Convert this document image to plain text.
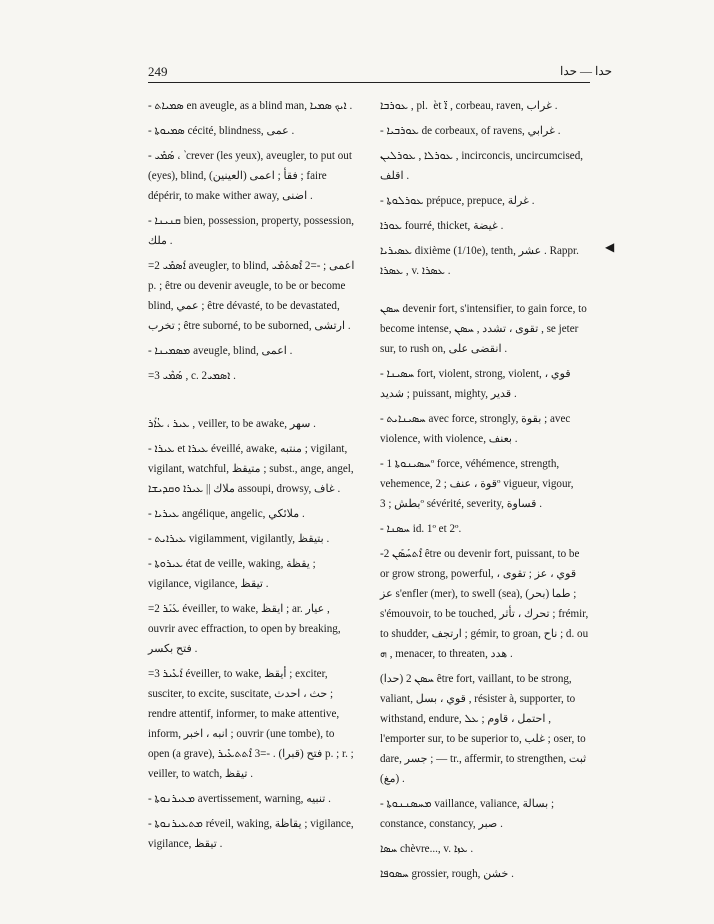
249	حدا — حدا

- ܣܡܝܐܬ en aveugle, as a blind man, ܐܝܟ ܣܡܝܐ .

- ܣܡܝܘܬܐ cécité, blindness, عمى .

- ܣܰܡܺܝ ، ܵ crever (les yeux), aveugler, to put out (eyes), blind, (العينين) فقأ ; اعمى ; faire dépérir, to make wither away, اضنى .

- ܩܢܝܢܐ bien, possession, property, possession, ملك .

=2 ܐܰܣܡܺܝ aveugler, to blind, اعمى ; -=2 ܐܶܣܬܰܡܺܝ p. ; être ou devenir aveugle, to be or become blind, عمي ; être dévasté, to be devastated, تخرب ; être suborné, to be suborned, ارتشى .

- ܡܣܡܝܢܐ aveugle, blind, اعمى .

=3 ܣܰܡܶܝ , c. 2ܐܣܡܝ .

ܥܝܪ ، ܥܳܐܰܪ , veiller, to be awake, سهر .

- ܥܝܪܐ et ܥܝܪܐ éveillé, awake, منتبه ; vigilant, vigilant, watchful, متيقظ ; subst., ange, angel, ملاك || ܥܝܪܐ ܘܩܕܝܫܐ assoupi, drowsy, غاف .

- ܥܝܪܝܐ angélique, angelic, ملائكي .

- ܥܝܪܐܝܬ vigilamment, vigilantly, بتيقظ .

- ܥܝܪܘܬܐ état de veille, waking, يقظة ; vigilance, vigilance, تيقظ .

=2 ܥܰܝܰܪ éveiller, to wake, ايقظ ; ar. عيار , ouvrir avec effraction, to open by breaking, فتح بكسر .

=3 ܐܰܥܺܝܪ éveiller, to wake, أيقظ ; exciter, susciter, to excite, suscitate, حث ، احدث ; rendre attentif, informer, to make attentive, inform, انبه ، اخبر ; ouvrir (une tombe), to open (a grave), فتح (قبرا) . -=3 ܐܶܬܬܥܺܝܪ p. ; r. ; veiller, to watch, تيقظ .

- ܡܥܝܪܢܘܬܐ avertissement, warning, تنبيه .

- ܡܬܥܝܪܢܘܬܐ réveil, waking, يقاظة ; vigilance, vigilance, تيقظ .

ܥܘܪܒܐ , pl. ܵ et ܐ̈ , corbeau, raven, غراب .

- ܥܘܪܒܝܐ de corbeaux, of ravens, غرابي .

ܥܘܪܠܐ , ܥܘܪܠܝܢ , incirconcis, uncircumcised, اقلف .

- ܥܘܪܠܘܬܐ prépuce, prepuce, غرلة .

ܥܘܪܐ fourré, thicket, غيضة .

ܥܣܝܪܝܐ dixième (1/10e), tenth, عشر . Rappr. ܥܣܪܐ , v. ܥܣܪܐ .

ܚܣܢ devenir fort, s'intensifier, to gain force, to become intense, تقوى ، تشدد , ܚܣܢ , se jeter sur, to rush on, انقضى على .

- ܚܣܝܢܐ fort, violent, strong, violent, قوي ، شديد ; puissant, mighty, قدير .

- ܚܣܝܢܐܝܬ avec force, strongly, بقوة ; avec violence, with violence, بعنف .

- ܚܣܝܢܘܬܐ 1º force, véhémence, strength, vehemence, قوة ، عنف ; 2º vigueur, vigour, بطش ; 3º sévérité, severity, قساوة .

- ܚܣܢܐ id. 1º et 2º.

-2 ܐܶܬܚܰܣܰܢ être ou devenir fort, puissant, to be or grow strong, powerful, قوي ، عز ; تقوى ، عز s'enfler (mer), to swell (sea), (بحر) طما ; s'émouvoir, to be touched, تحرك ، تأثر ; frémir, to shudder, ارتجف ; gémir, to groan, ناح ; d. ou ܗ , menacer, to threaten, هدد .

(حدا) ܚܣܢ 2 être fort, vaillant, to be strong, valiant, قوي ، بسل , résister à, supporter, to withstand, endure, احتمل ، قاوم ; ܥܠ , l'emporter sur, to be superior to, غلب ; oser, to dare, جسر ; — tr., affermir, to strengthen, ثبت (مغ) .

- ܡܚܣܢܢܘܬܐ vaillance, valiance, بسالة ; constance, constancy, صبر .

ܚܣܐ chèvre..., v. ܥܙܐ .

ܚܣܘܦܐ grossier, rough, خشن .

◀
